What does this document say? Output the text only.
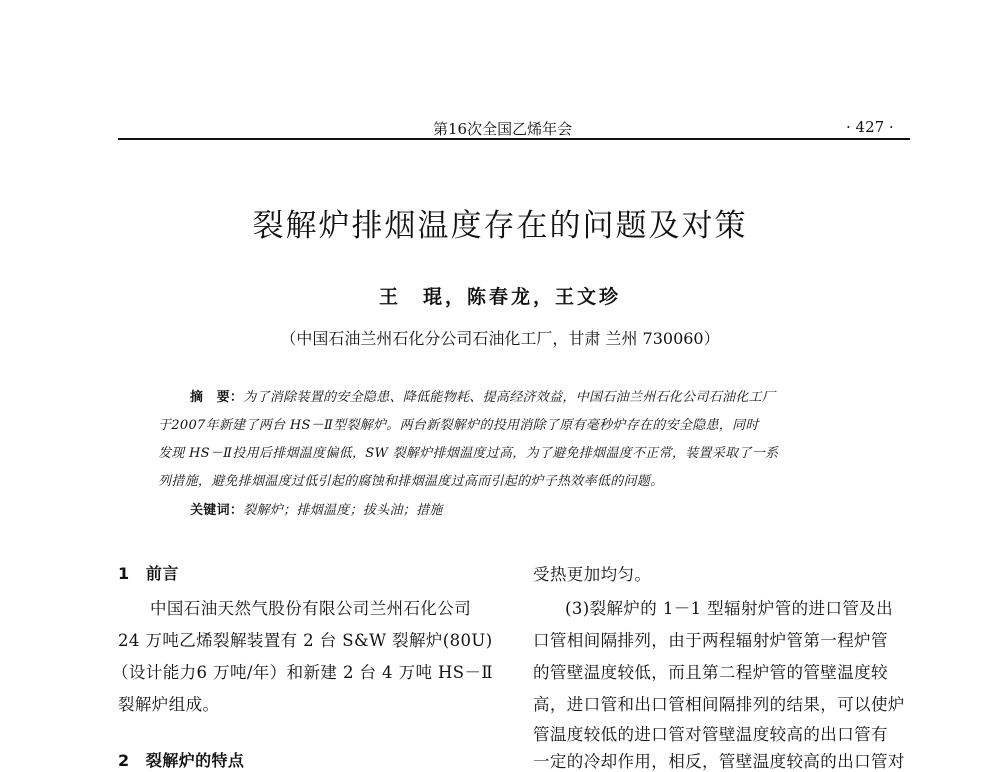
第16次全国乙烯年会	· 427 ·
裂解炉排烟温度存在的问题及对策
王　琨，陈春龙，王文珍
（中国石油兰州石化分公司石油化工厂，甘肃 兰州 730060）
摘　要：为了消除装置的安全隐患、降低能物耗、提高经济效益，中国石油兰州石化公司石油化工厂
于2007年新建了两台 HS－Ⅱ型裂解炉。两台新裂解炉的投用消除了原有毫秒炉存在的安全隐患，同时
发现 HS－Ⅱ投用后排烟温度偏低，SW 裂解炉排烟温度过高，为了避免排烟温度不正常，装置采取了一系
列措施，避免排烟温度过低引起的腐蚀和排烟温度过高而引起的炉子热效率低的问题。
关键词：裂解炉；排烟温度；拔头油；措施
1　前言
中国石油天然气股份有限公司兰州石化公司
24 万吨乙烯裂解装置有 2 台 S&W 裂解炉(80U)
（设计能力6 万吨/年）和新建 2 台 4 万吨 HS－Ⅱ
裂解炉组成。
2　裂解炉的特点
受热更加均匀。
(3)裂解炉的 1－1 型辐射炉管的进口管及出
口管相间隔排列，由于两程辐射炉管第一程炉管
的管壁温度较低，而且第二程炉管的管壁温度较
高，进口管和出口管相间隔排列的结果，可以使炉
管温度较低的进口管对管壁温度较高的出口管有
一定的冷却作用，相反，管壁温度较高的出口管对
